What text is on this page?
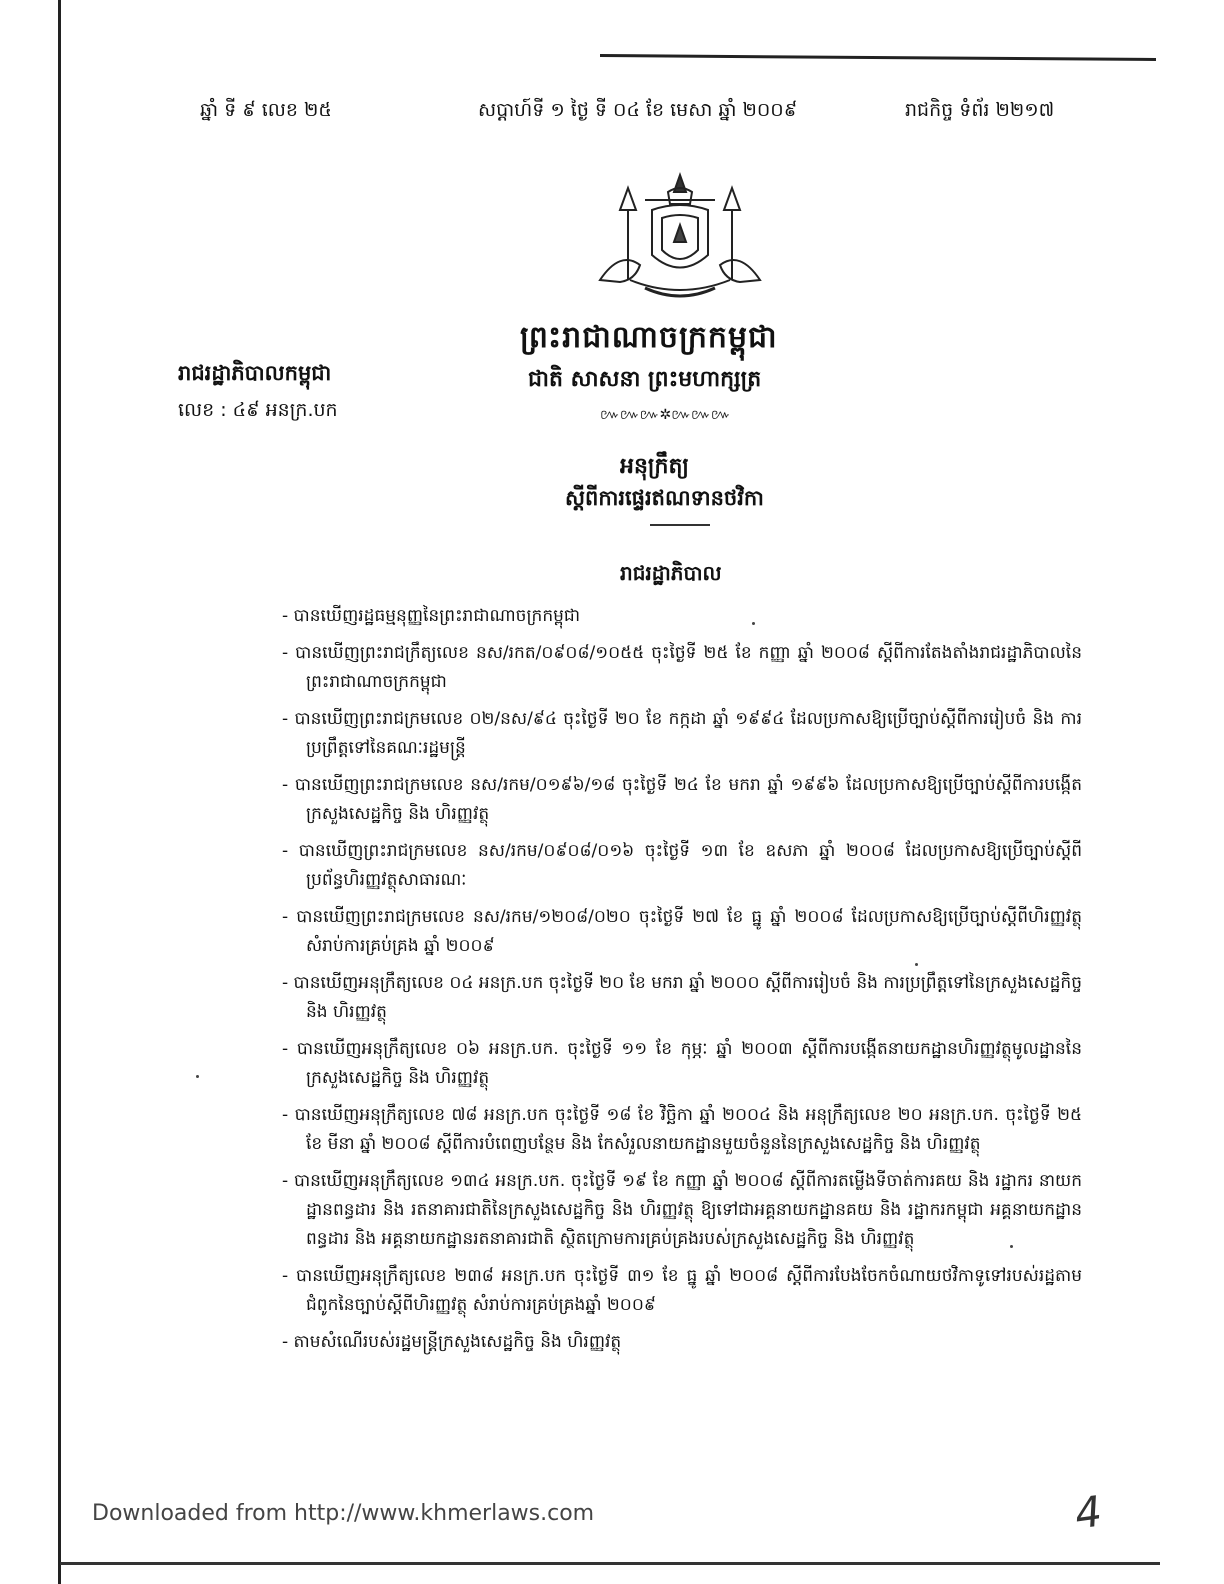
ឆ្នាំ ទី ៩ លេខ ២៥	សប្តាហ៍ទី ១ ថ្ងៃ ទី ០៤ ខែ មេសា ឆ្នាំ ២០០៩	រាជកិច្ច ទំព័រ ២២១៧
ព្រះរាជាណាចក្រកម្ពុជា
ជាតិ សាសនា ព្រះមហាក្សត្រ
៚៚៚✲៚៚៚
រាជរដ្ឋាភិបាលកម្ពុជា
លេខ : ៤៩ អនក្រ.បក
អនុក្រឹត្យ
ស្តីពីការផ្ទេរឥណទានថវិកា
រាជរដ្ឋាភិបាល
- បានឃើញរដ្ឋធម្មនុញ្ញនៃព្រះរាជាណាចក្រកម្ពុជា
- បានឃើញព្រះរាជក្រឹត្យលេខ នស/រកត/០៩០៨/១០៥៥ ចុះថ្ងៃទី ២៥ ខែ កញ្ញា ឆ្នាំ ២០០៨ ស្តីពីការតែងតាំងរាជរដ្ឋាភិបាលនៃព្រះរាជាណាចក្រកម្ពុជា
- បានឃើញព្រះរាជក្រមលេខ ០២/នស/៩៤ ចុះថ្ងៃទី ២០ ខែ កក្កដា ឆ្នាំ ១៩៩៤ ដែលប្រកាសឱ្យប្រើច្បាប់ស្តីពីការរៀបចំ និង ការប្រព្រឹត្តទៅនៃគណៈរដ្ឋមន្ត្រី
- បានឃើញព្រះរាជក្រមលេខ នស/រកម/០១៩៦/១៨ ចុះថ្ងៃទី ២៤ ខែ មករា ឆ្នាំ ១៩៩៦ ដែលប្រកាសឱ្យប្រើច្បាប់ស្តីពីការបង្កើតក្រសួងសេដ្ឋកិច្ច និង ហិរញ្ញវត្ថុ
- បានឃើញព្រះរាជក្រមលេខ នស/រកម/០៩០៨/០១៦ ចុះថ្ងៃទី ១៣ ខែ ឧសភា ឆ្នាំ ២០០៨ ដែលប្រកាសឱ្យប្រើច្បាប់ស្តីពីប្រព័ន្ធហិរញ្ញវត្ថុសាធារណៈ
- បានឃើញព្រះរាជក្រមលេខ នស/រកម/១២០៨/០២០ ចុះថ្ងៃទី ២៧ ខែ ធ្នូ ឆ្នាំ ២០០៨ ដែលប្រកាសឱ្យប្រើច្បាប់ស្តីពីហិរញ្ញវត្ថុសំរាប់ការគ្រប់គ្រង ឆ្នាំ ២០០៩
- បានឃើញអនុក្រឹត្យលេខ ០៤ អនក្រ.បក ចុះថ្ងៃទី ២០ ខែ មករា ឆ្នាំ ២០០០ ស្តីពីការរៀបចំ និង ការប្រព្រឹត្តទៅនៃក្រសួងសេដ្ឋកិច្ច និង ហិរញ្ញវត្ថុ
- បានឃើញអនុក្រឹត្យលេខ ០៦ អនក្រ.បក. ចុះថ្ងៃទី ១១ ខែ កុម្ភៈ ឆ្នាំ ២០០៣ ស្តីពីការបង្កើតនាយកដ្ឋានហិរញ្ញវត្ថុមូលដ្ឋាននៃក្រសួងសេដ្ឋកិច្ច និង ហិរញ្ញវត្ថុ
- បានឃើញអនុក្រឹត្យលេខ ៧៨ អនក្រ.បក ចុះថ្ងៃទី ១៨ ខែ វិច្ឆិកា ឆ្នាំ ២០០៤ និង អនុក្រឹត្យលេខ ២០ អនក្រ.បក. ចុះថ្ងៃទី ២៥ ខែ មីនា ឆ្នាំ ២០០៨ ស្តីពីការបំពេញបន្ថែម និង កែសំរួលនាយកដ្ឋានមួយចំនួននៃក្រសួងសេដ្ឋកិច្ច និង ហិរញ្ញវត្ថុ
- បានឃើញអនុក្រឹត្យលេខ ១៣៤ អនក្រ.បក. ចុះថ្ងៃទី ១៩ ខែ កញ្ញា ឆ្នាំ ២០០៨ ស្តីពីការតម្លើងទីចាត់ការគយ និង រដ្ឋាករ នាយកដ្ឋានពន្ធដារ និង រតនាគារជាតិនៃក្រសួងសេដ្ឋកិច្ច និង ហិរញ្ញវត្ថុ ឱ្យទៅជាអគ្គនាយកដ្ឋានគយ និង រដ្ឋាករកម្ពុជា អគ្គនាយកដ្ឋានពន្ធដារ និង អគ្គនាយកដ្ឋានរតនាគារជាតិ ស្ថិតក្រោមការគ្រប់គ្រងរបស់ក្រសួងសេដ្ឋកិច្ច និង ហិរញ្ញវត្ថុ
- បានឃើញអនុក្រឹត្យលេខ ២៣៨ អនក្រ.បក ចុះថ្ងៃទី ៣១ ខែ ធ្នូ ឆ្នាំ ២០០៨ ស្តីពីការបែងចែកចំណាយថវិកាទូទៅរបស់រដ្ឋតាមជំពូកនៃច្បាប់ស្តីពីហិរញ្ញវត្ថុ សំរាប់ការគ្រប់គ្រងឆ្នាំ ២០០៩
- តាមសំណើរបស់រដ្ឋមន្ត្រីក្រសួងសេដ្ឋកិច្ច និង ហិរញ្ញវត្ថុ
Downloaded from http://www.khmerlaws.com	4
